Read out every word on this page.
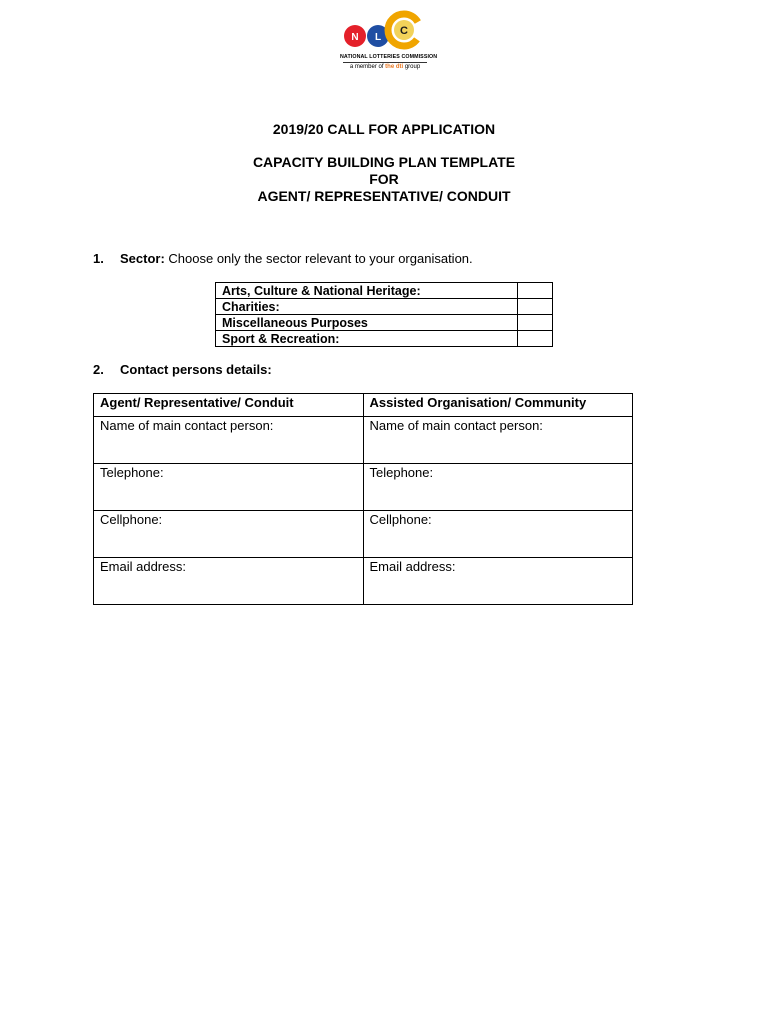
N L
C
NATIONAL LOTTERIES COMMISSION
a member of the dti group
2019/20 CALL FOR APPLICATION
CAPACITY BUILDING PLAN TEMPLATE
FOR
AGENT/ REPRESENTATIVE/ CONDUIT
1. Sector: Choose only the sector relevant to your organisation.
Arts, Culture & National Heritage:	
Charities:	
Miscellaneous Purposes	
Sport & Recreation:	
2. Contact persons details:
Agent/ Representative/ Conduit	Assisted Organisation/ Community
Name of main contact person:	Name of main contact person:
Telephone:	Telephone:
Cellphone:	Cellphone:
Email address:	Email address:
